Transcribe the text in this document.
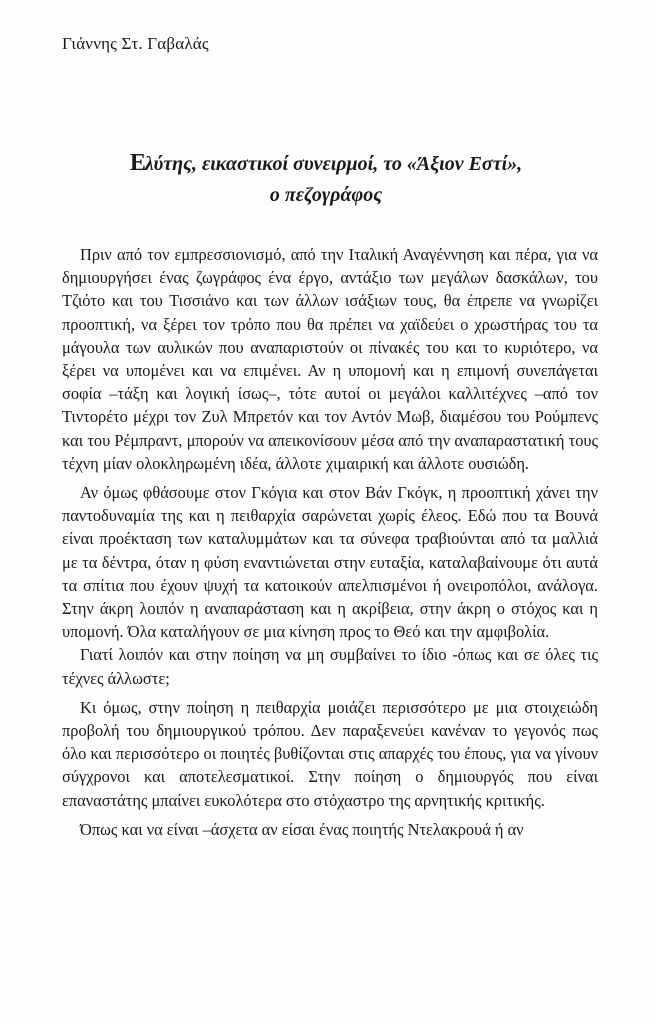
Γιάννης Στ. Γαβαλάς

Ελύτης, εικαστικοί συνειρμοί, το «Άξιον Εστί»,
ο πεζογράφος

Πριν από τον εμπρεσσιονισμό, από την Ιταλική Αναγέννηση και πέρα, για να δημιουργήσει ένας ζωγράφος ένα έργο, αντάξιο των μεγάλων δασκάλων, του Τζιότο και του Τισσιάνο και των άλλων ισάξιων τους, θα έπρεπε να γνωρίζει προοπτική, να ξέρει τον τρόπο που θα πρέπει να χαϊδεύει ο χρωστήρας του τα μάγουλα των αυλικών που αναπαριστούν οι πίνακές του και το κυριότερο, να ξέρει να υπομένει και να επιμένει. Αν η υπομονή και η επιμονή συνεπάγεται σοφία –τάξη και λογική ίσως–, τότε αυτοί οι μεγάλοι καλλιτέχνες –από τον Τιντορέτο μέχρι τον Ζυλ Μπρετόν και τον Αντόν Μωβ, διαμέσου του Ρούμπενς και του Ρέμπραντ, μπορούν να απεικονίσουν μέσα από την αναπαραστατική τους τέχνη μίαν ολοκληρωμένη ιδέα, άλλοτε χιμαιρική και άλλοτε ουσιώδη.

Αν όμως φθάσουμε στον Γκόγια και στον Βάν Γκόγκ, η προοπτική χάνει την παντοδυναμία της και η πειθαρχία σαρώνεται χωρίς έλεος. Εδώ που τα Βουνά είναι προέκταση των καταλυμμάτων και τα σύνεφα τραβιούνται από τα μαλλιά με τα δέντρα, όταν η φύση εναντιώνεται στην ευταξία, καταλαβαίνουμε ότι αυτά τα σπίτια που έχουν ψυχή τα κατοικούν απελπισμένοι ή ονειροπόλοι, ανάλογα. Στην άκρη λοιπόν η αναπαράσταση και η ακρίβεια, στην άκρη ο στόχος και η υπομονή. Όλα καταλήγουν σε μια κίνηση προς το Θεό και την αμφιβολία.

Γιατί λοιπόν και στην ποίηση να μη συμβαίνει το ίδιο -όπως και σε όλες τις τέχνες άλλωστε;

Κι όμως, στην ποίηση η πειθαρχία μοιάζει περισσότερο με μια στοιχειώδη προβολή του δημιουργικού τρόπου. Δεν παραξενεύει κανέναν το γεγονός πως όλο και περισσότερο οι ποιητές βυθίζονται στις απαρχές του έπους, για να γίνουν σύγχρονοι και αποτελεσματικοί. Στην ποίηση ο δημιουργός που είναι επαναστάτης μπαίνει ευκολότερα στο στόχαστρο της αρνητικής κριτικής.

Όπως και να είναι –άσχετα αν είσαι ένας ποιητής Ντελακρουά ή αν
